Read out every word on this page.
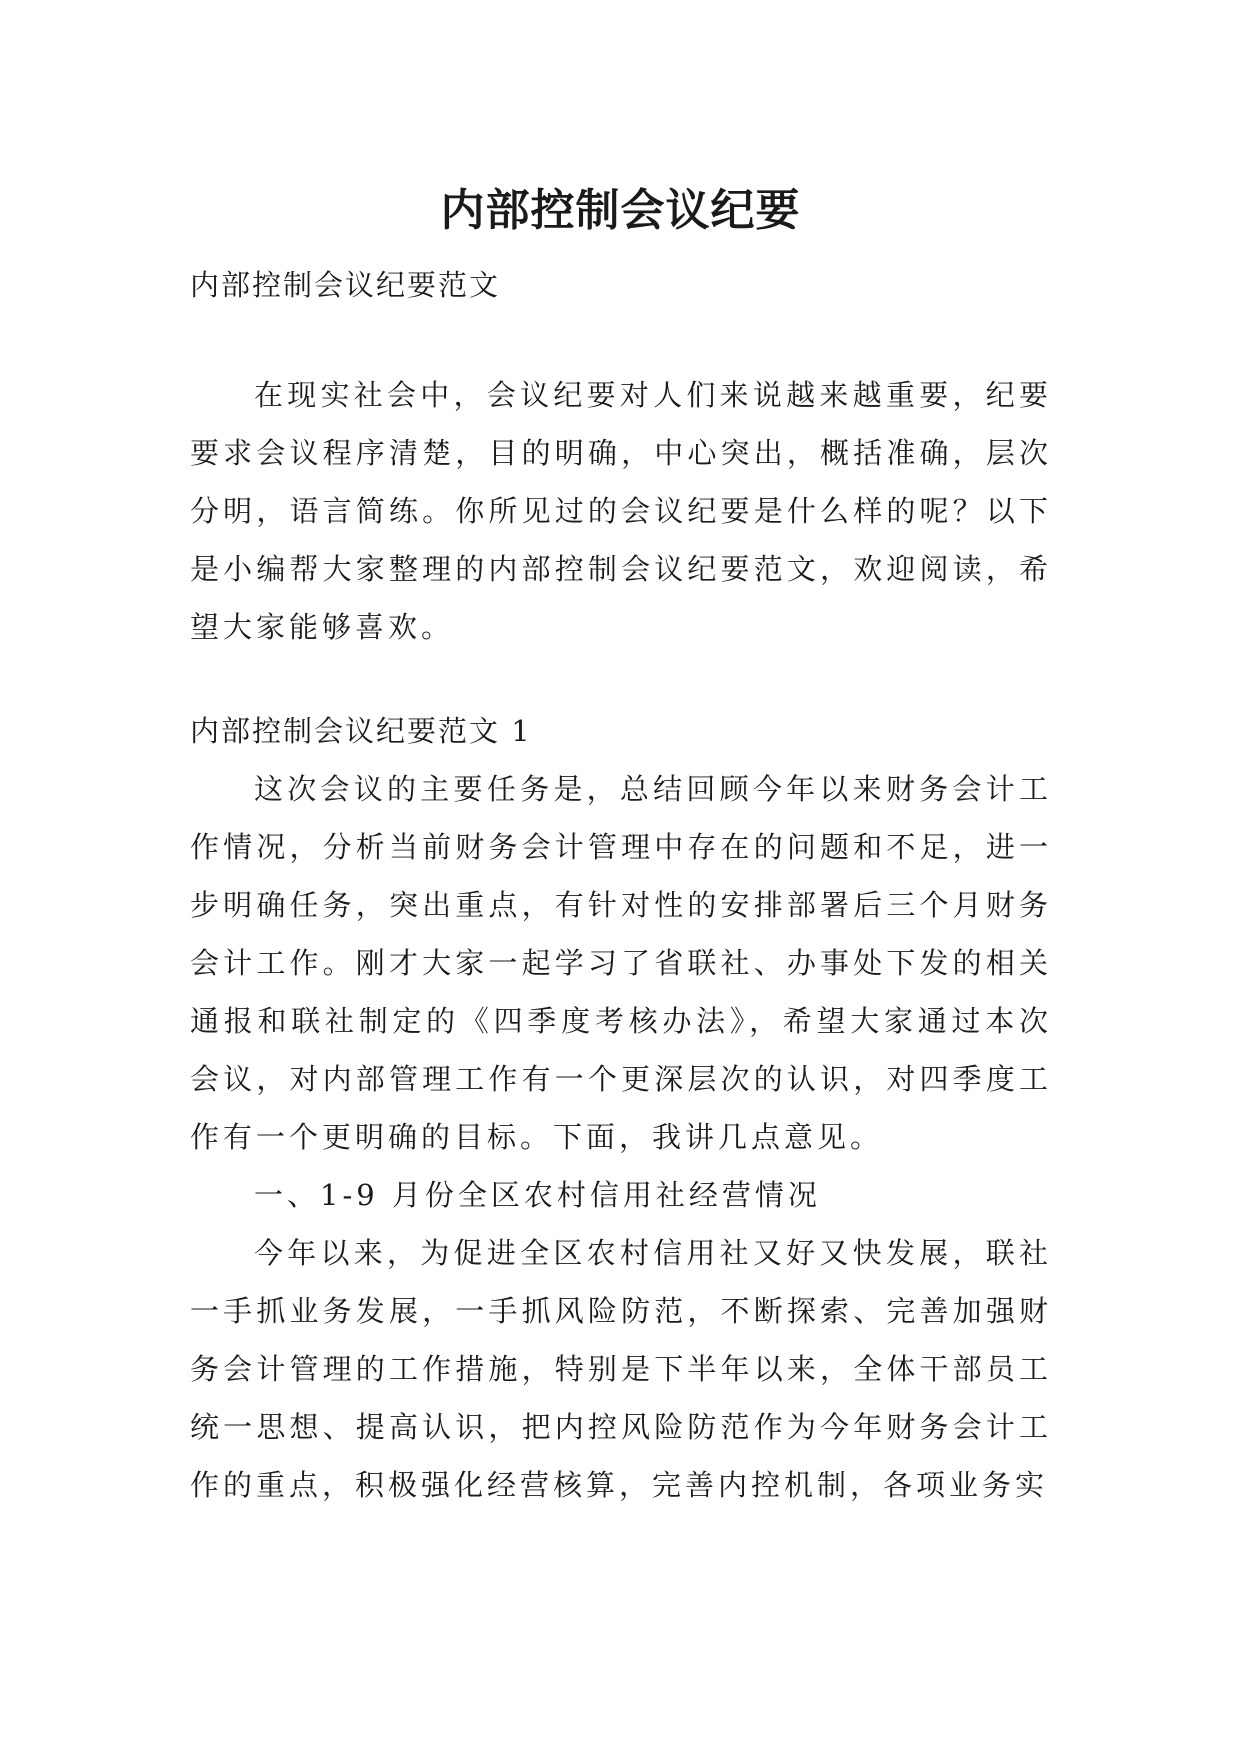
内部控制会议纪要

内部控制会议纪要范文

在现实社会中，会议纪要对人们来说越来越重要，纪要要求会议程序清楚，目的明确，中心突出，概括准确，层次分明，语言简练。你所见过的会议纪要是什么样的呢？以下是小编帮大家整理的内部控制会议纪要范文，欢迎阅读，希望大家能够喜欢。

内部控制会议纪要范文 1

这次会议的主要任务是，总结回顾今年以来财务会计工作情况，分析当前财务会计管理中存在的问题和不足，进一步明确任务，突出重点，有针对性的安排部署后三个月财务会计工作。刚才大家一起学习了省联社、办事处下发的相关通报和联社制定的《四季度考核办法》，希望大家通过本次会议，对内部管理工作有一个更深层次的认识，对四季度工作有一个更明确的目标。下面，我讲几点意见。

一、1-9 月份全区农村信用社经营情况

今年以来，为促进全区农村信用社又好又快发展，联社一手抓业务发展，一手抓风险防范，不断探索、完善加强财务会计管理的工作措施，特别是下半年以来，全体干部员工统一思想、提高认识，把内控风险防范作为今年财务会计工作的重点，积极强化经营核算，完善内控机制，各项业务实
